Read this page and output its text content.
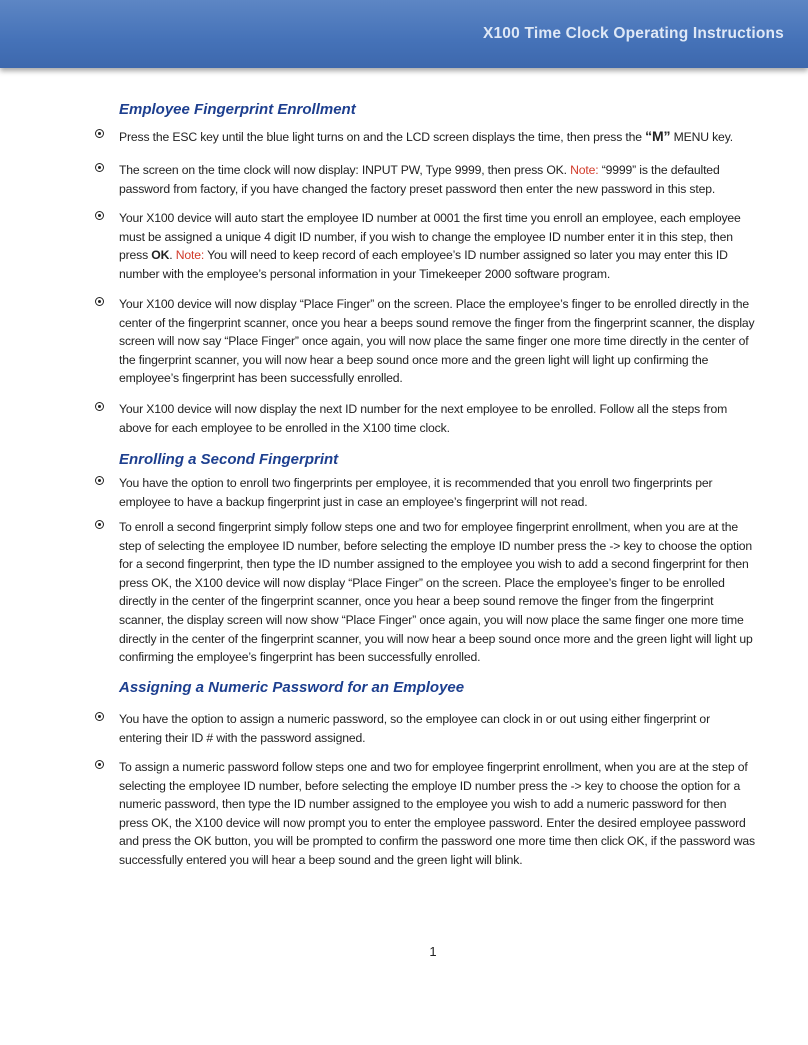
X100 Time Clock Operating Instructions
Employee Fingerprint Enrollment
Press the ESC key until the blue light turns on and the LCD screen displays the time, then press the “M” MENU key.
The screen on the time clock will now display: INPUT PW, Type 9999, then press OK. Note: “9999” is the defaulted password from factory, if you have changed the factory preset password then enter the new password in this step.
Your X100 device will auto start the employee ID number at 0001 the first time you enroll an employee, each employee must be assigned a unique 4 digit ID number, if you wish to change the employee ID number enter it in this step, then press OK. Note: You will need to keep record of each employee’s ID number assigned so later you may enter this ID number with the employee’s personal information in your Timekeeper 2000 software program.
Your X100 device will now display “Place Finger” on the screen. Place the employee’s finger to be enrolled directly in the center of the fingerprint scanner, once you hear a beeps sound remove the finger from the fingerprint scanner, the display screen will now say “Place Finger” once again, you will now place the same finger one more time directly in the center of the fingerprint scanner, you will now hear a beep sound once more and the green light will light up confirming the employee’s fingerprint has been successfully enrolled.
Your X100 device will now display the next ID number for the next employee to be enrolled. Follow all the steps from above for each employee to be enrolled in the X100 time clock.
Enrolling a Second Fingerprint
You have the option to enroll two fingerprints per employee, it is recommended that you enroll two fingerprints per employee to have a backup fingerprint just in case an employee’s fingerprint will not read.
To enroll a second fingerprint simply follow steps one and two for employee fingerprint enrollment, when you are at the step of selecting the employee ID number, before selecting the employe ID number press the -> key to choose the option for a second fingerprint, then type the ID number assigned to the employee you wish to add a second fingerprint for then press OK, the X100 device will now display “Place Finger” on the screen. Place the employee’s finger to be enrolled directly in the center of the fingerprint scanner, once you hear a beep sound remove the finger from the fingerprint scanner, the display screen will now show “Place Finger” once again, you will now place the same finger one more time directly in the center of the fingerprint scanner, you will now hear a beep sound once more and the green light will light up confirming the employee’s fingerprint has been successfully enrolled.
Assigning a Numeric Password for an Employee
You have the option to assign a numeric password, so the employee can clock in or out using either fingerprint or entering their ID # with the password assigned.
To assign a numeric password follow steps one and two for employee fingerprint enrollment, when you are at the step of selecting the employee ID number, before selecting the employe ID number press the -> key to choose the option for a numeric password, then type the ID number assigned to the employee you wish to add a numeric password for then press OK, the X100 device will now prompt you to enter the employee password. Enter the desired employee password and press the OK button, you will be prompted to confirm the password one more time then click OK, if the password was successfully entered you will hear a beep sound and the green light will blink.
1
